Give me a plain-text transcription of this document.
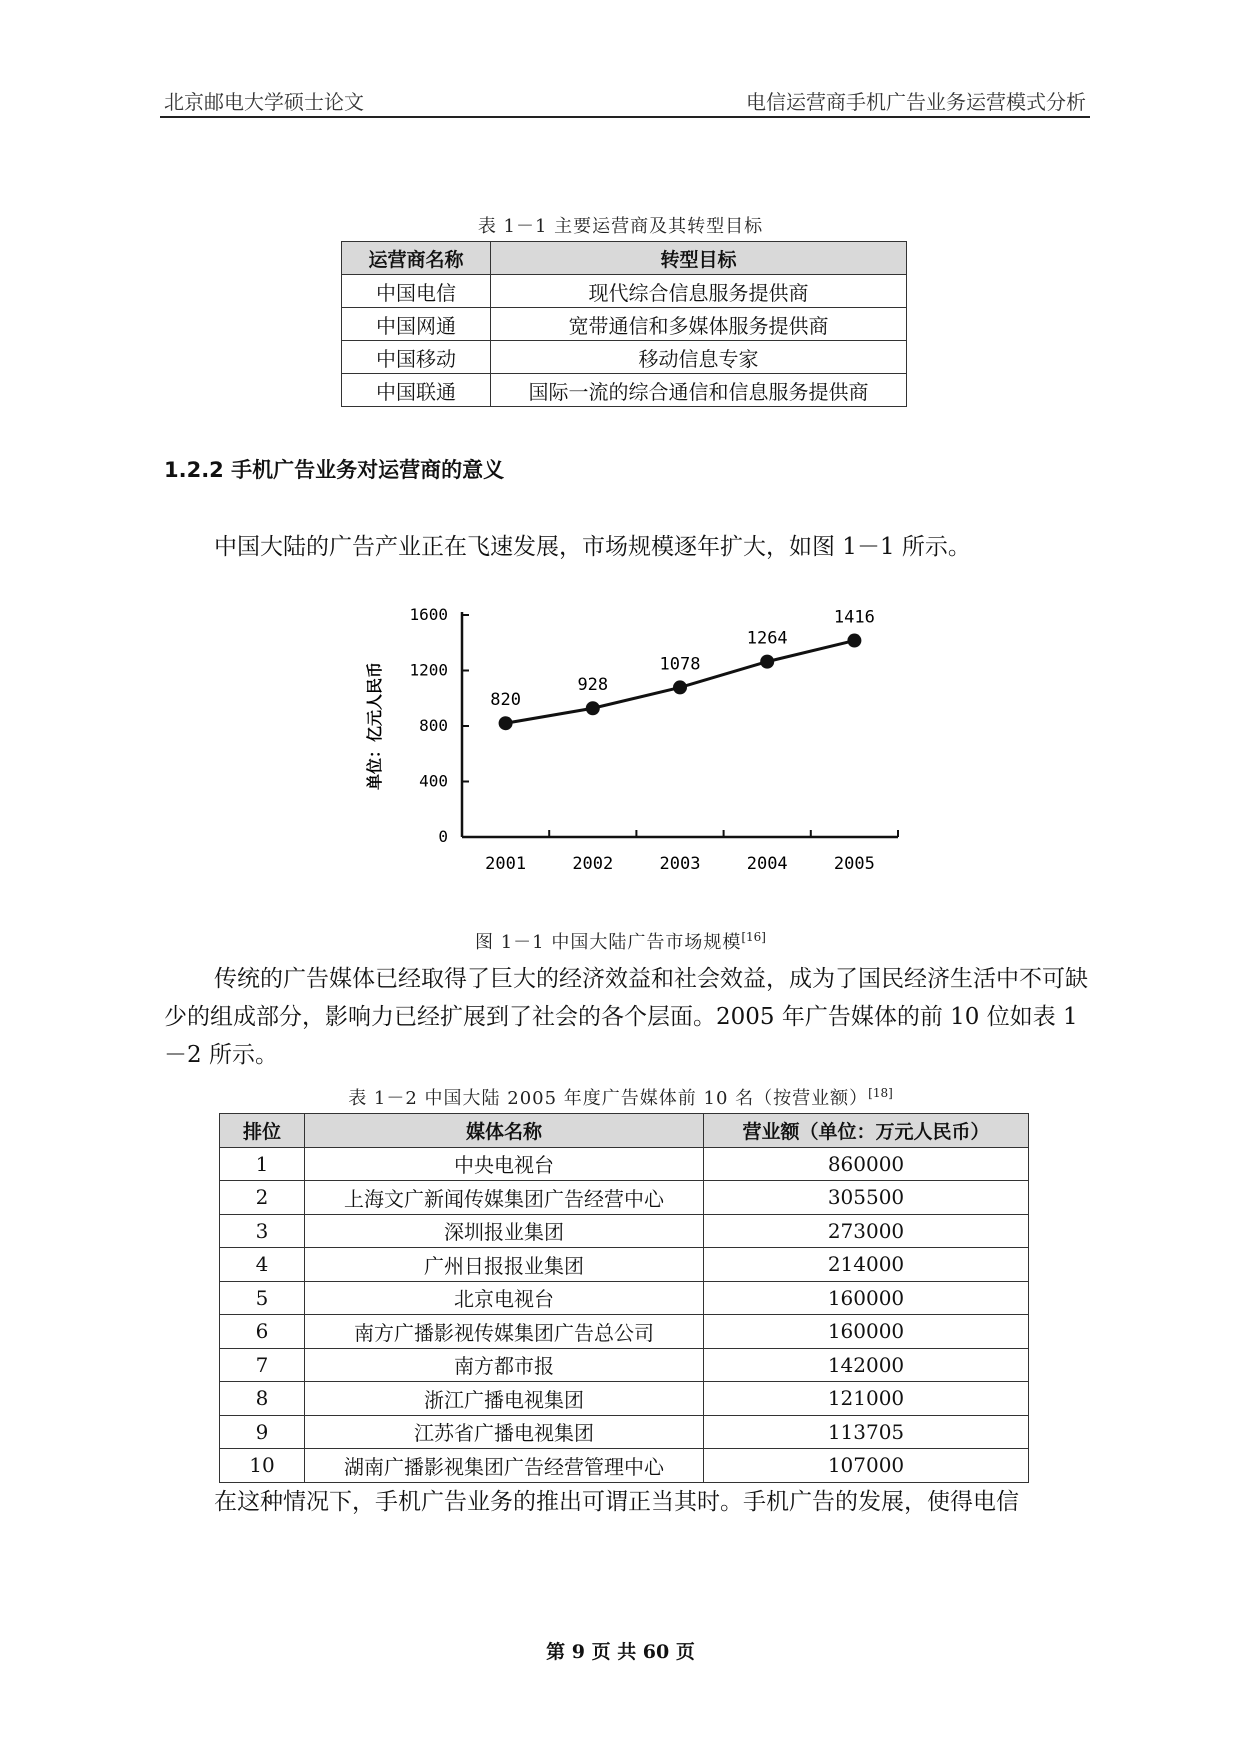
北京邮电大学硕士论文	电信运营商手机广告业务运营模式分析
表 1－1 主要运营商及其转型目标
运营商名称	转型目标
中国电信	现代综合信息服务提供商
中国网通	宽带通信和多媒体服务提供商
中国移动	移动信息专家
中国联通	国际一流的综合通信和信息服务提供商
1.2.2 手机广告业务对运营商的意义
中国大陆的广告产业正在飞速发展，市场规模逐年扩大，如图 1－1 所示。
0
400
800
1200
1600
2001	2002	2003	2004	2005
单位：亿元人民币	820
928
1078
1264
1416
图 1－1 中国大陆广告市场规模[16]
传统的广告媒体已经取得了巨大的经济效益和社会效益，成为了国民经济生活中不可缺少的组成部分，影响力已经扩展到了社会的各个层面。2005 年广告媒体的前 10 位如表 1－2 所示。
表 1－2 中国大陆 2005 年度广告媒体前 10 名（按营业额）[18]
排位	媒体名称	营业额（单位：万元人民币）
1	中央电视台	860000
2	上海文广新闻传媒集团广告经营中心	305500
3	深圳报业集团	273000
4	广州日报报业集团	214000
5	北京电视台	160000
6	南方广播影视传媒集团广告总公司	160000
7	南方都市报	142000
8	浙江广播电视集团	121000
9	江苏省广播电视集团	113705
10	湖南广播影视集团广告经营管理中心	107000
在这种情况下，手机广告业务的推出可谓正当其时。手机广告的发展，使得电信
第 9 页 共 60 页
